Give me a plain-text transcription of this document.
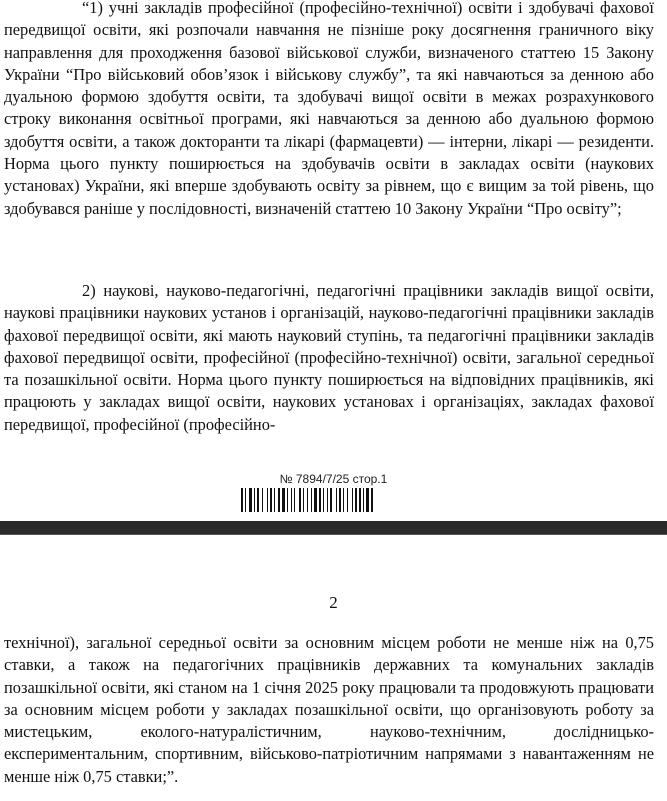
“1) учні закладів професійної (професійно-технічної) освіти і здобувачі фахової передвищої освіти, які розпочали навчання не пізніше року досягнення граничного віку направлення для проходження базової військової служби, визначеного статтею 15 Закону України “Про військовий обов’язок і військову службу”, та які навчаються за денною або дуальною формою здобуття освіти, та здобувачі вищої освіти в межах розрахункового строку виконання освітньої програми, які навчаються за денною або дуальною формою здобуття освіти, а також докторанти та лікарі (фармацевти) — інтерни, лікарі — резиденти. Норма цього пункту поширюється на здобувачів освіти в закладах освіти (наукових установах) України, які вперше здобувають освіту за рівнем, що є вищим за той рівень, що здобувався раніше у послідовності, визначеній статтею 10 Закону України “Про освіту”;
2) наукові, науково-педагогічні, педагогічні працівники закладів вищої освіти, наукові працівники наукових установ і організацій, науково-педагогічні працівники закладів фахової передвищої освіти, які мають науковий ступінь, та педагогічні працівники закладів фахової передвищої освіти, професійної (професійно-технічної) освіти, загальної середньої та позашкільної освіти. Норма цього пункту поширюється на відповідних працівників, які працюють у закладах вищої освіти, наукових установах і організаціях, закладах фахової передвищої, професійної (професійно-
№ 7894/7/25 стор.1
2
технічної), загальної середньої освіти за основним місцем роботи не менше ніж на 0,75 ставки, а також на педагогічних працівників державних та комунальних закладів позашкільної освіти, які станом на 1 січня 2025 року працювали та продовжують працювати за основним місцем роботи у закладах позашкільної освіти, що організовують роботу за мистецьким, еколого-натуралістичним, науково-технічним, дослідницько-експериментальним, спортивним, військово-патріотичним напрямами з навантаженням не менше ніж 0,75 ставки;”.
